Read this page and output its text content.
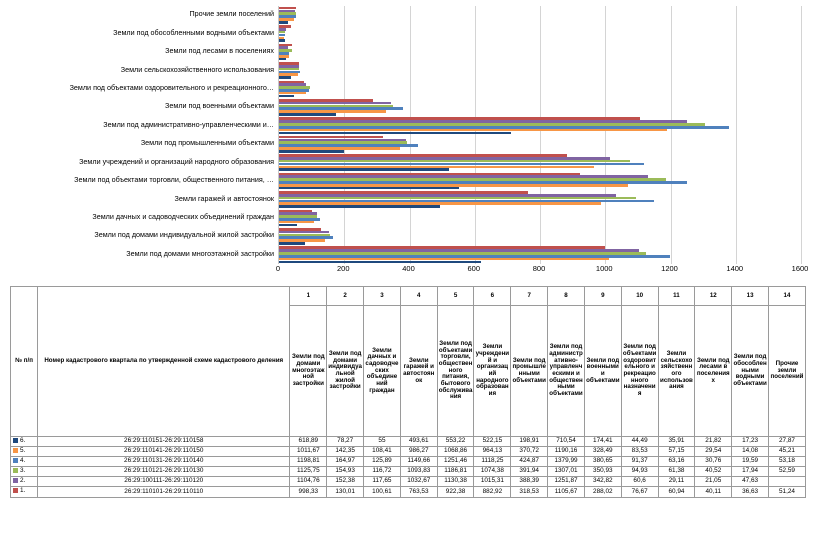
Прочие земли поселений
Земли под обособленными водными объектами
Земли под лесами в поселениях
Земли сельскохозяйственного использования
Земли под объектами оздоровительного и рекреационного…
Земли под военными объектами
Земли под административно-управленческими и…
Земли под промышленными объектами
Земли учреждений и организаций народного образования
Земли под объектами торговли, общественного питания, …
Земли гаражей и автостоянок
Земли дачных и садоводческих объединений граждан
Земли под домами индивидуальной жилой застройки
Земли под домами многоэтажной застройки
0	200	400	600	800	1000	1200	1400	1600
№ п/п	Номер кадастрового квартала по утвержденной схеме кадастрового деления	1	2	3	4	5	6	7	8	9	10	11	12	13	14
		Земли под домами многоэтажной застройки	Земли под домами индивидуальной жилой застройки	Земли дачных и садоводческих объединений граждан	Земли гаражей и автостоянок	Земли под объектами торговли, общественного питания, бытового обслуживания	Земли учреждений и организаций народного образования	Земли под промышленными объектами	Земли под административно-управленческими и общественными объектами	Земли под военными и объектами	Земли под объектами оздоровительного и рекреационного назначения	Земли сельскохозяйственного использования	Земли под лесами в поселениях	Земли под обособленными водными объектами	Прочие земли поселений
6.	26:29:110151-26:29:110158	618,89	78,27	55	493,61	553,22	522,15	198,91	710,54	174,41	44,49	35,91	21,82	17,23	27,87
5.	26:29:110141-26:29:110150	1011,67	142,35	108,41	986,27	1068,86	964,13	370,72	1190,16	328,49	83,53	57,15	29,54	14,08	45,21
4.	26:29:110131-26:29:110140	1198,81	164,97	125,89	1149,66	1251,46	1118,25	424,87	1379,99	380,65	91,37	63,16	30,76	19,59	53,18
3.	26:29:110121-26:29:110130	1125,75	154,93	116,72	1093,83	1186,81	1074,38	391,94	1307,01	350,93	94,93	61,38	40,52	17,94	52,59
2.	26:29:100111-26:29:110120	1104,76	152,38	117,65	1032,67	1130,38	1015,31	388,39	1251,87	342,82	60,6	29,11	21,05	47,63	
1.	26:29:110101-26:29:110110	998,33	130,01	100,61	763,53	922,38	882,92	318,53	1105,67	288,02	76,67	60,94	40,11	36,63	51,24
